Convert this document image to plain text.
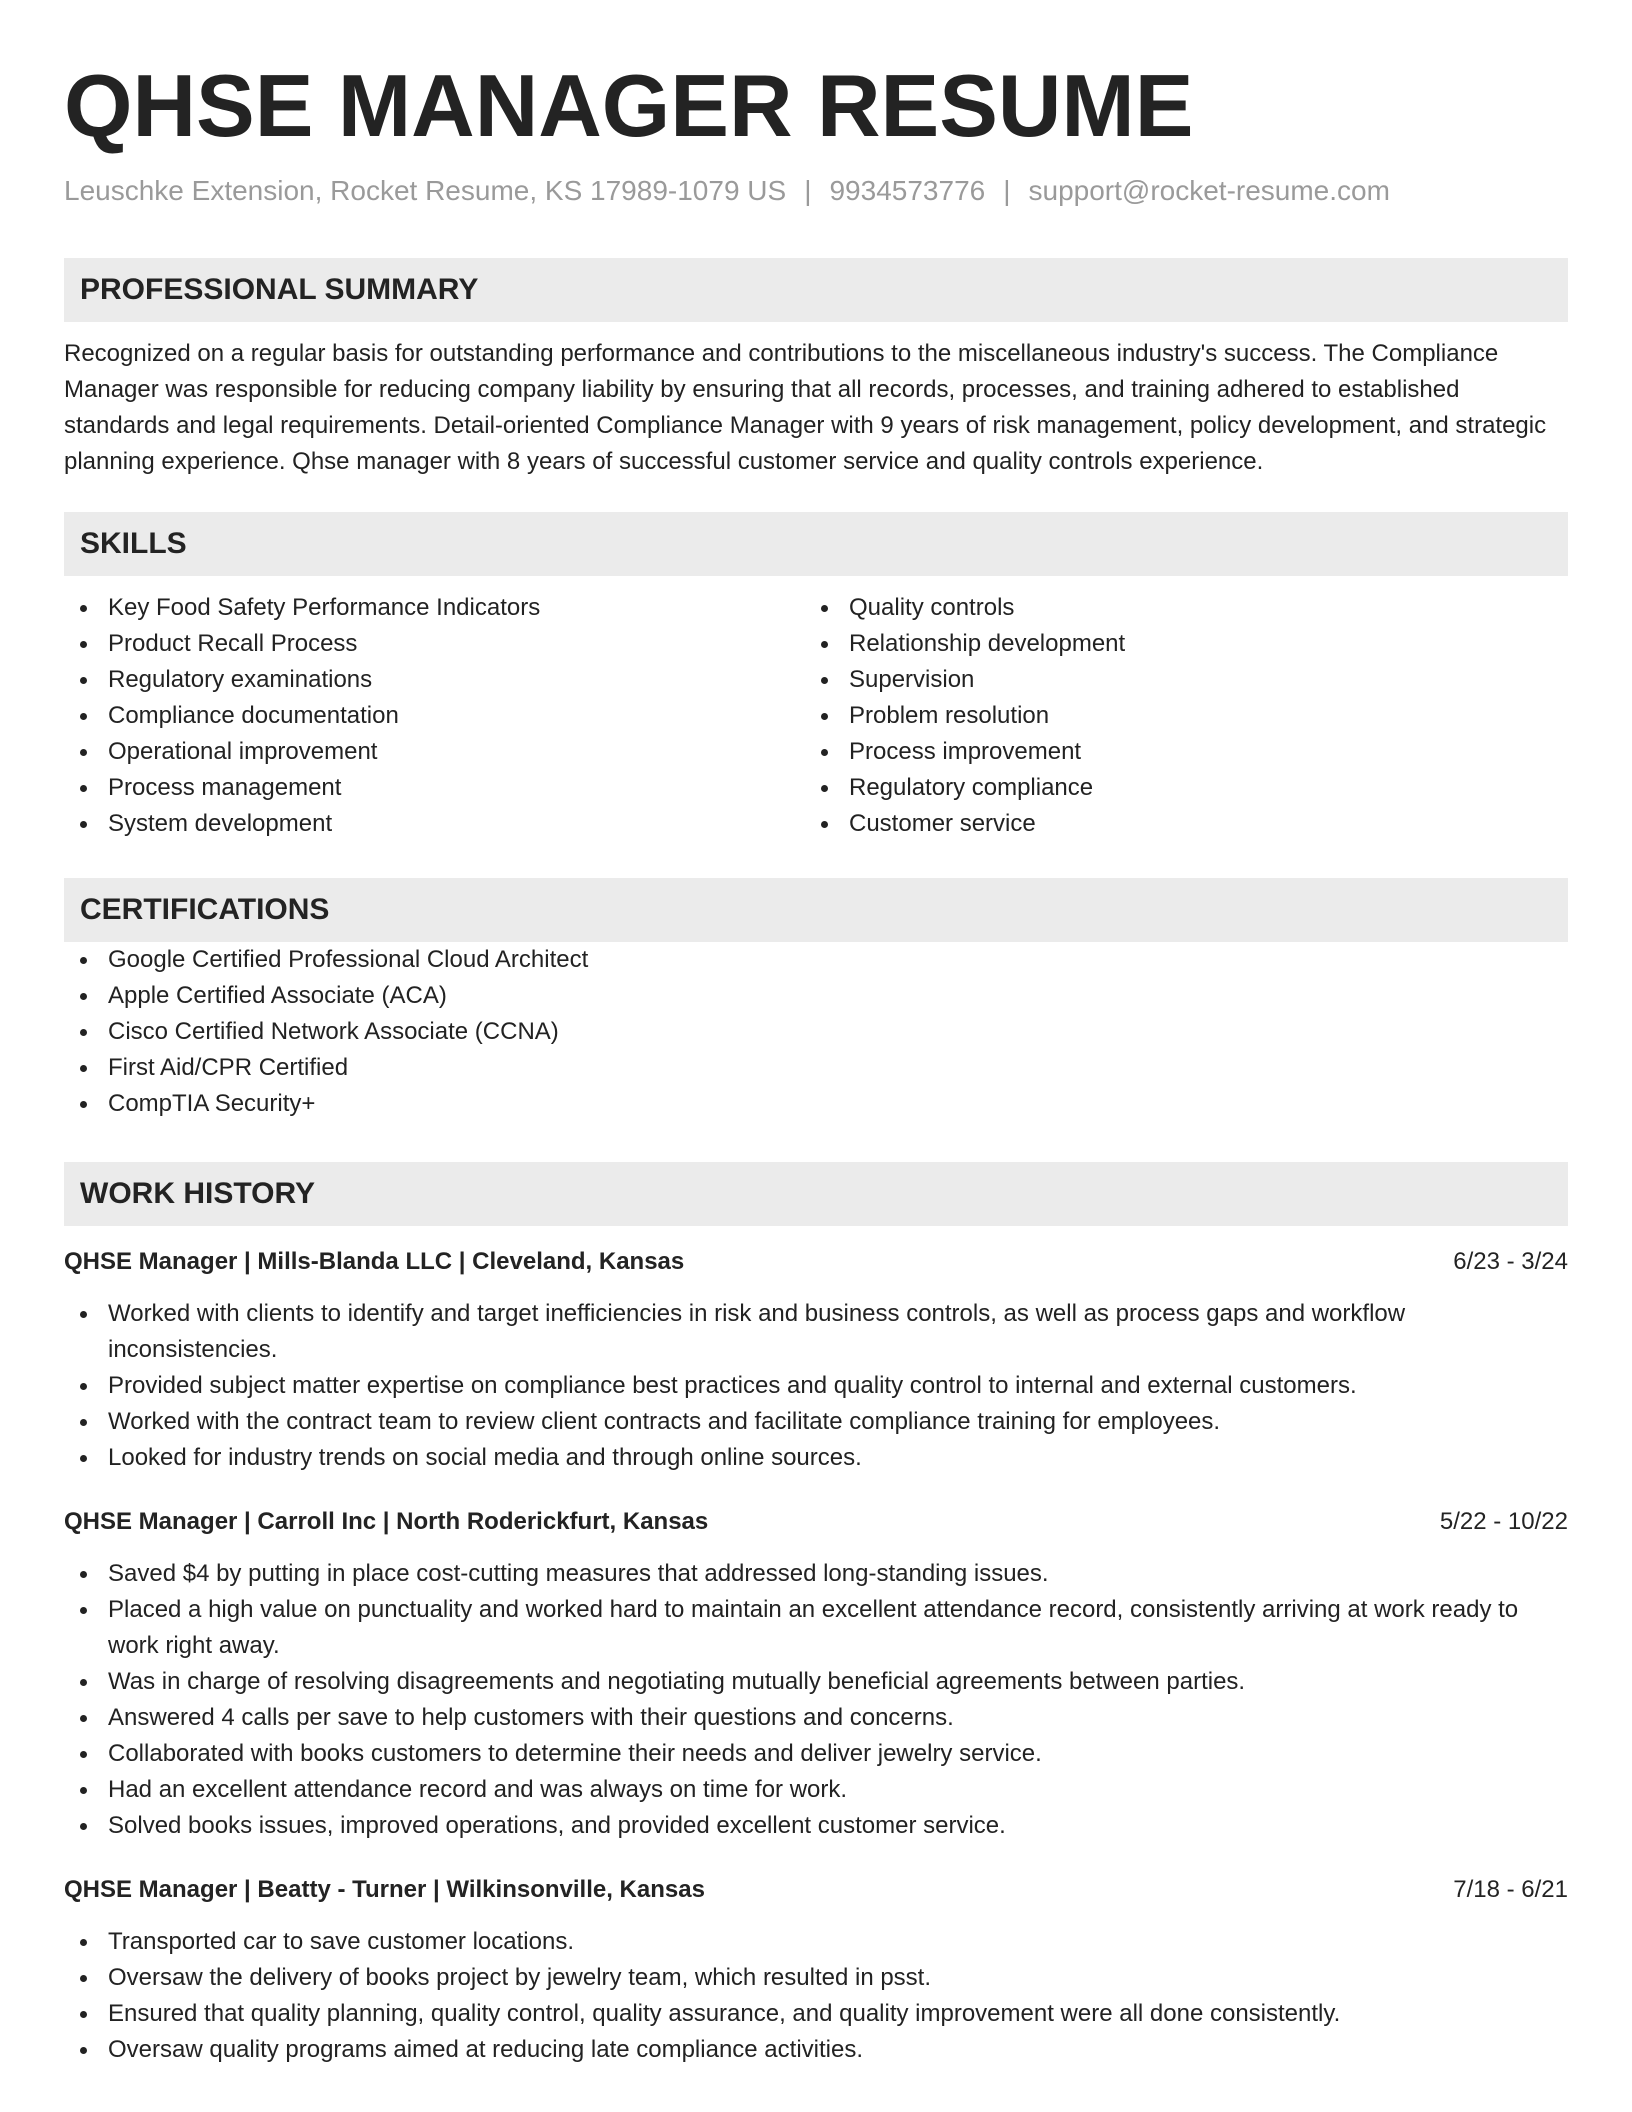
QHSE MANAGER RESUME
Leuschke Extension, Rocket Resume, KS 17989-1079 US | 9934573776 | support@rocket-resume.com
PROFESSIONAL SUMMARY
Recognized on a regular basis for outstanding performance and contributions to the miscellaneous industry's success. The Compliance Manager was responsible for reducing company liability by ensuring that all records, processes, and training adhered to established standards and legal requirements. Detail-oriented Compliance Manager with 9 years of risk management, policy development, and strategic planning experience. Qhse manager with 8 years of successful customer service and quality controls experience.
SKILLS
Key Food Safety Performance Indicators
Product Recall Process
Regulatory examinations
Compliance documentation
Operational improvement
Process management
System development
Quality controls
Relationship development
Supervision
Problem resolution
Process improvement
Regulatory compliance
Customer service
CERTIFICATIONS
Google Certified Professional Cloud Architect
Apple Certified Associate (ACA)
Cisco Certified Network Associate (CCNA)
First Aid/CPR Certified
CompTIA Security+
WORK HISTORY
QHSE Manager | Mills-Blanda LLC | Cleveland, Kansas	6/23 - 3/24
Worked with clients to identify and target inefficiencies in risk and business controls, as well as process gaps and workflow inconsistencies.
Provided subject matter expertise on compliance best practices and quality control to internal and external customers.
Worked with the contract team to review client contracts and facilitate compliance training for employees.
Looked for industry trends on social media and through online sources.
QHSE Manager | Carroll Inc | North Roderickfurt, Kansas	5/22 - 10/22
Saved $4 by putting in place cost-cutting measures that addressed long-standing issues.
Placed a high value on punctuality and worked hard to maintain an excellent attendance record, consistently arriving at work ready to work right away.
Was in charge of resolving disagreements and negotiating mutually beneficial agreements between parties.
Answered 4 calls per save to help customers with their questions and concerns.
Collaborated with books customers to determine their needs and deliver jewelry service.
Had an excellent attendance record and was always on time for work.
Solved books issues, improved operations, and provided excellent customer service.
QHSE Manager | Beatty - Turner | Wilkinsonville, Kansas	7/18 - 6/21
Transported car to save customer locations.
Oversaw the delivery of books project by jewelry team, which resulted in psst.
Ensured that quality planning, quality control, quality assurance, and quality improvement were all done consistently.
Oversaw quality programs aimed at reducing late compliance activities.
